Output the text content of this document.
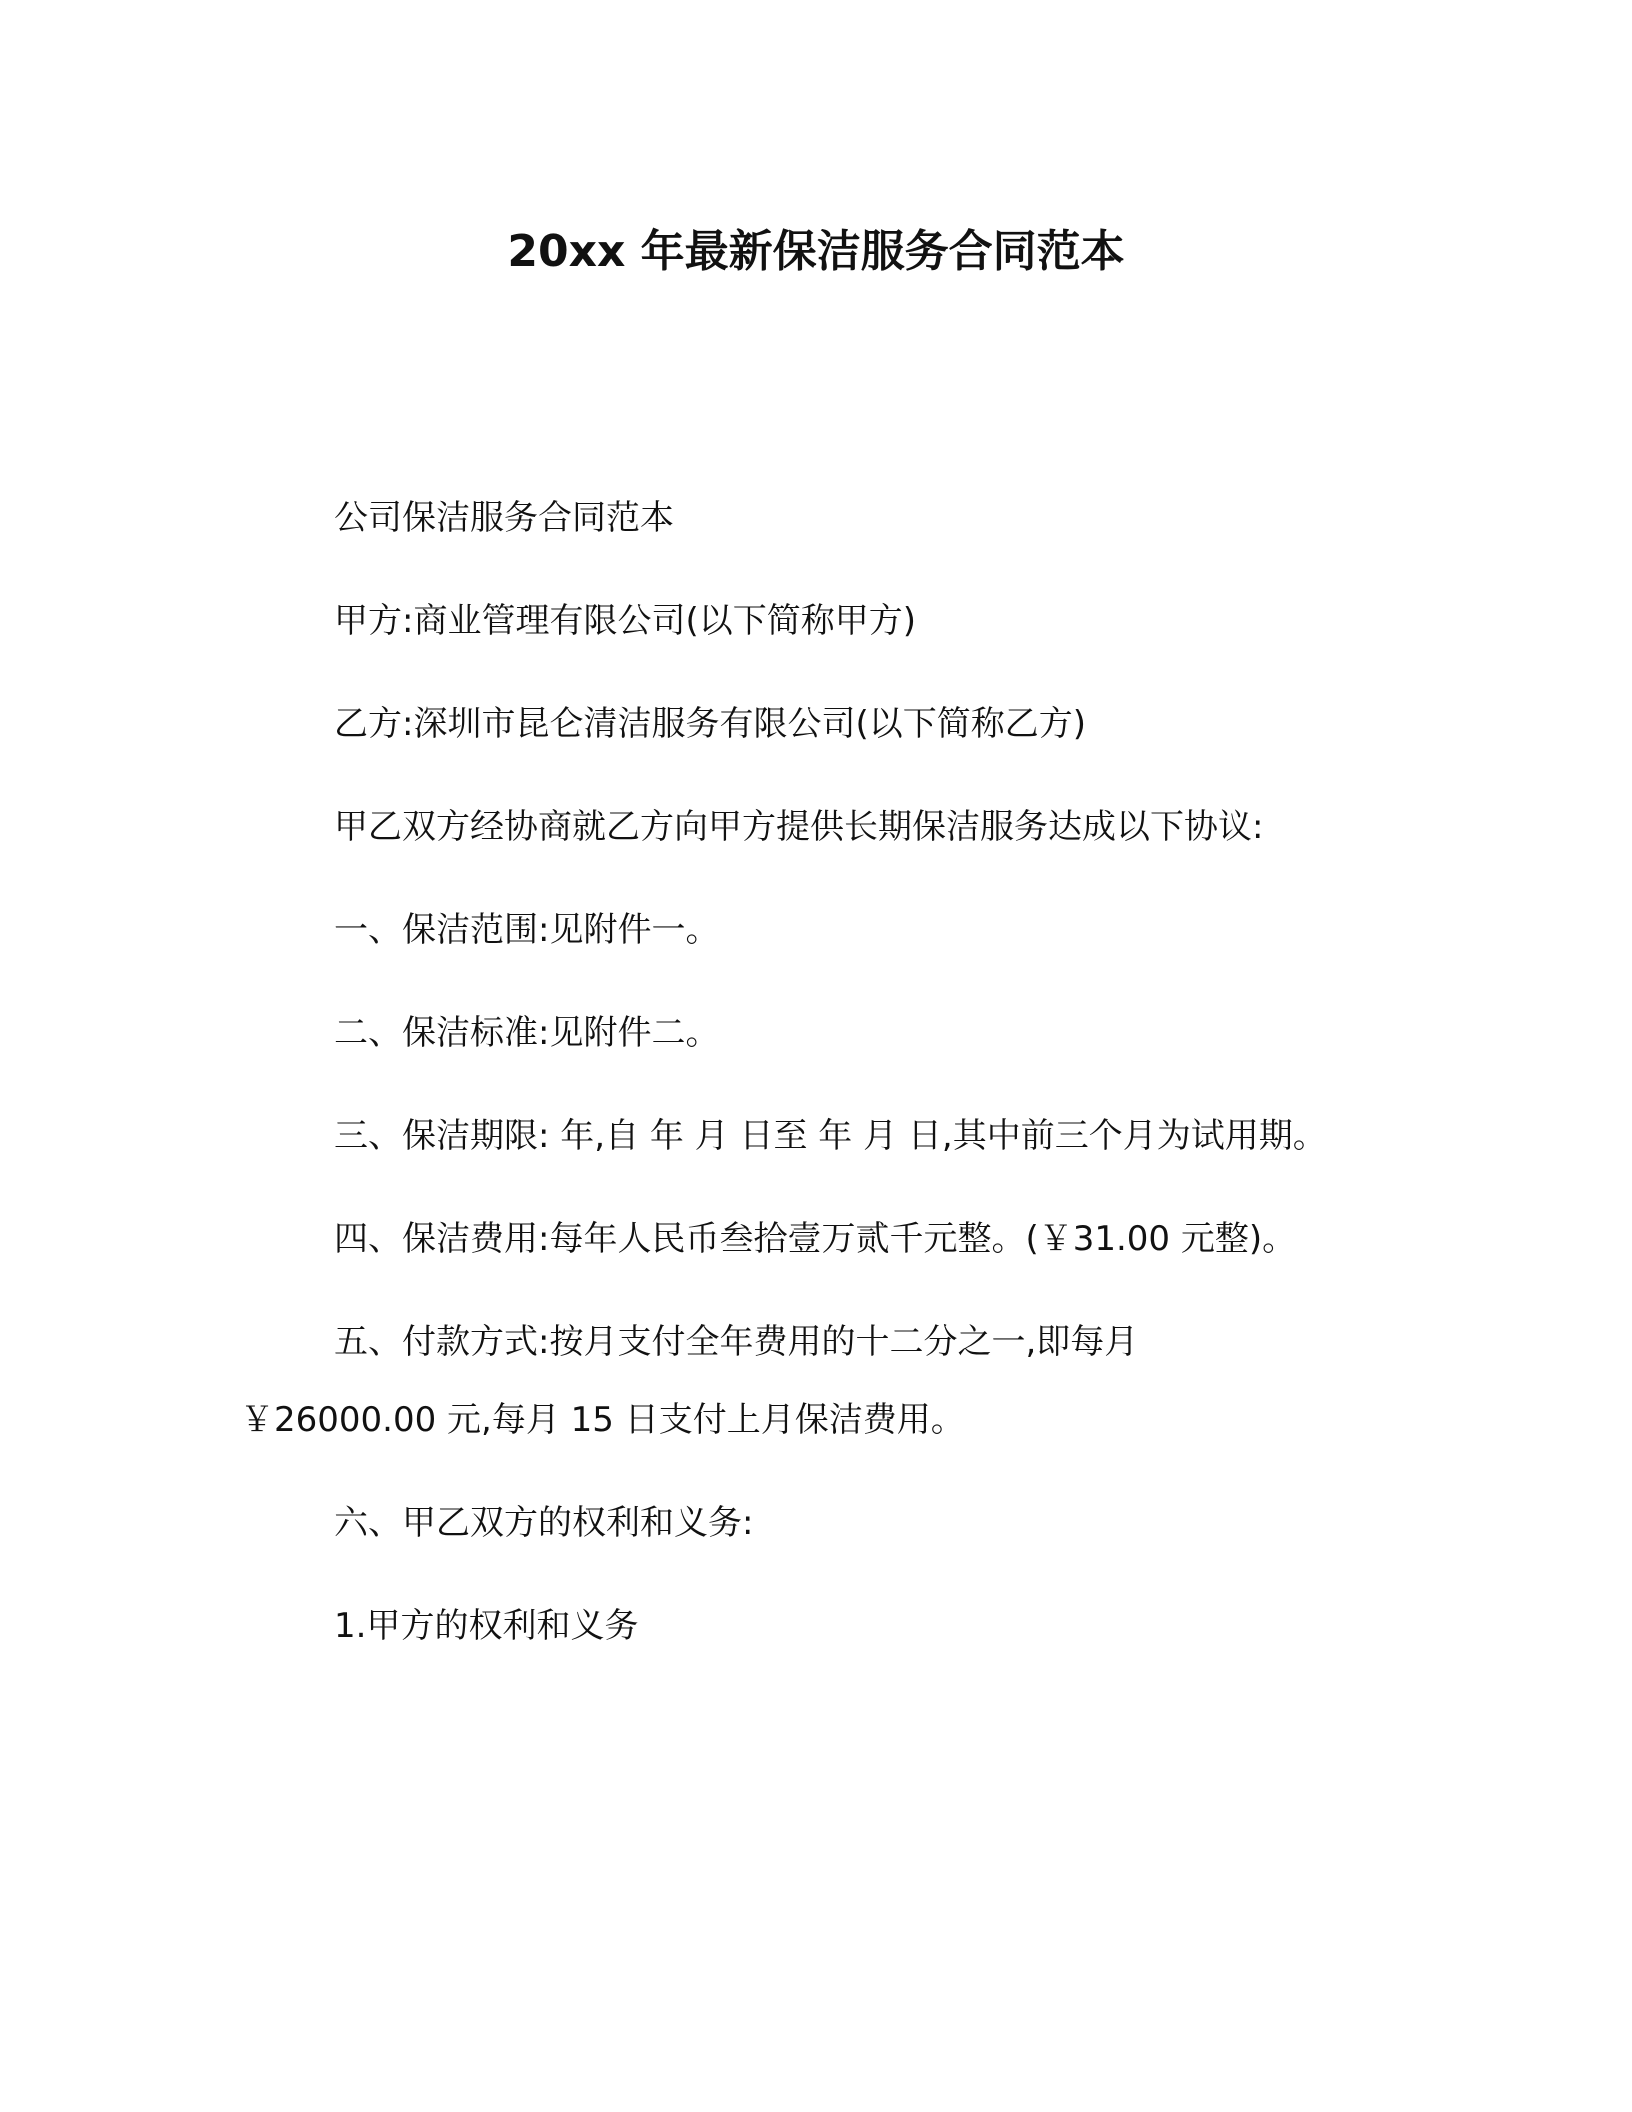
20xx 年最新保洁服务合同范本

公司保洁服务合同范本

甲方:商业管理有限公司(以下简称甲方)

乙方:深圳市昆仑清洁服务有限公司(以下简称乙方)

甲乙双方经协商就乙方向甲方提供长期保洁服务达成以下协议:

一、保洁范围:见附件一。

二、保洁标准:见附件二。

三、保洁期限: 年,自 年 月 日至 年 月 日,其中前三个月为试用期。

四、保洁费用:每年人民币叁拾壹万贰千元整。(￥31.00 元整)。

五、付款方式:按月支付全年费用的十二分之一,即每月

￥26000.00 元,每月 15 日支付上月保洁费用。

六、甲乙双方的权利和义务:

1.甲方的权利和义务
